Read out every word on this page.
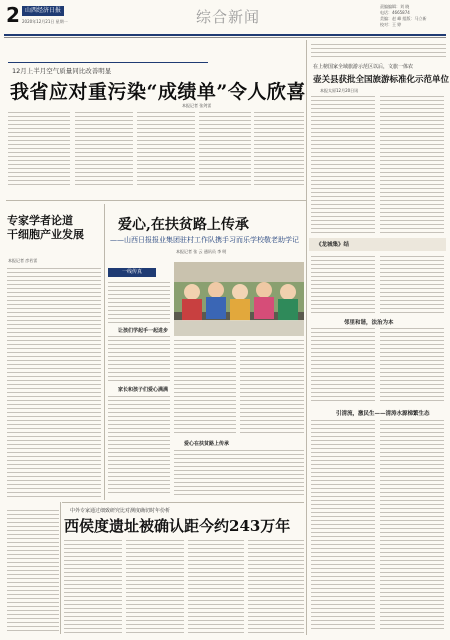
2 山西经济日报
2020年12月21日 星期一	综合新闻
责编编辑：刘 晓
电话：4665874
美编：赵 峰 组版：马立新
校对：王 婷
12月上半月空气质量同比改善明显
我省应对重污染“成绩单”令人欣喜
本报记者 张剑雷
在上榜国家全域旅游示范区以后，文旅一体农
壶关县获批全国旅游标准化示范单位
本报太原12月20日讯
《龙城集》结
邻里和谐，法治为本
引清流，激民生——清涛水源梯繁生态
专家学者论道
干细胞产业发展
本报记者 彦若雷
爱心,在扶贫路上传承
——山西日报报业集团驻村工作队携手习而乐学校敬老助学记
本报记者 张 云 通讯员 李 明
一线传真
让孩们学起手一起进步
家长和孩子们爱心满满
爱心在扶贫路上传承
中外专家通过细致研究比对测度确切时年份析
西侯度遗址被确认距今约243万年
